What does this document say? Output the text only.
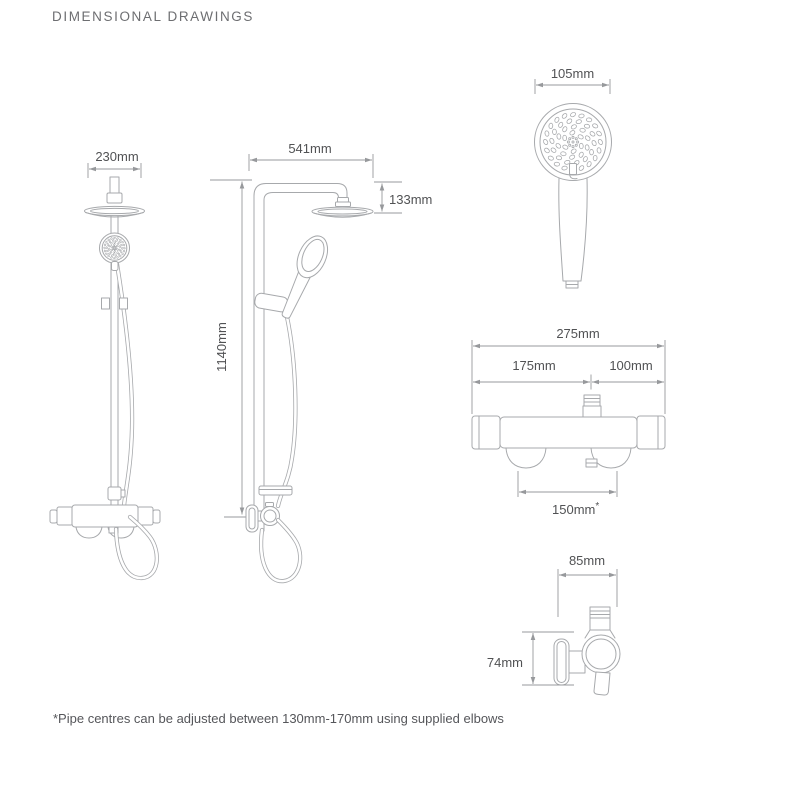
DIMENSIONAL DRAWINGS
230mm
541mm
1140mm
133mm
105mm
275mm
175mm	100mm
150mm*
85mm
74mm
*Pipe centres can be adjusted between 130mm-170mm using supplied elbows
